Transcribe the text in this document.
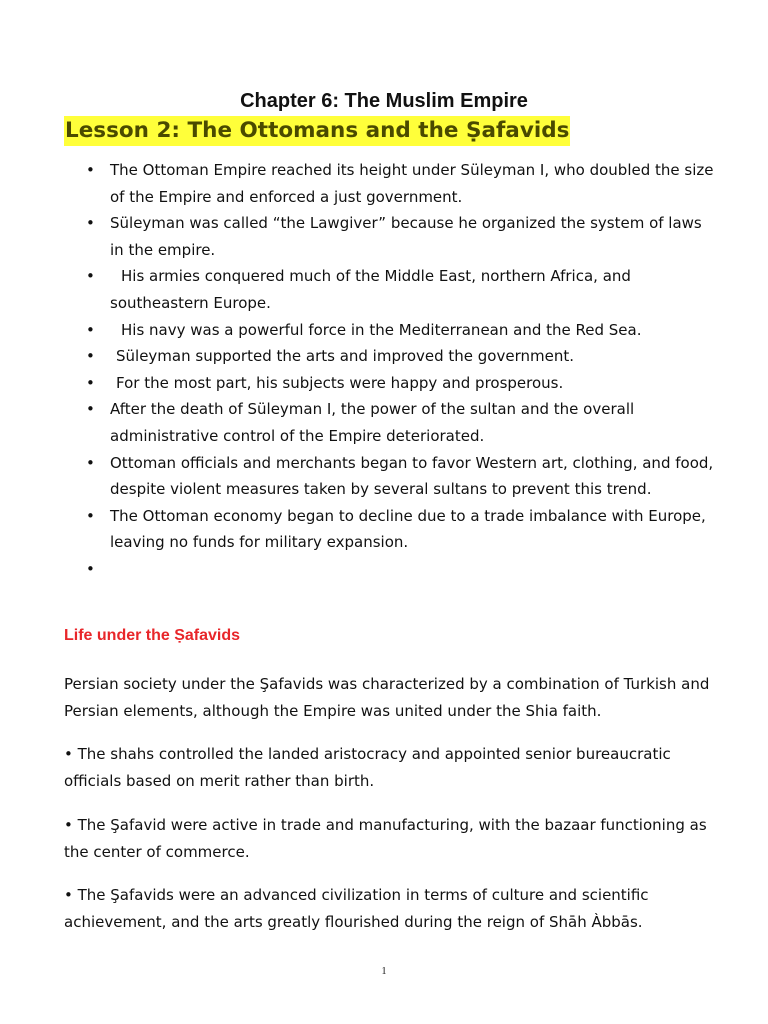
Chapter 6: The Muslim Empire
Lesson 2: The Ottomans and the Ṣafavids
• The Ottoman Empire reached its height under Süleyman I, who doubled the size of the Empire and enforced a just government.
• Süleyman was called “the Lawgiver” because he organized the system of laws in the empire.
• His armies conquered much of the Middle East, northern Africa, and southeastern Europe.
• His navy was a powerful force in the Mediterranean and the Red Sea.
• Süleyman supported the arts and improved the government.
• For the most part, his subjects were happy and prosperous.
• After the death of Süleyman I, the power of the sultan and the overall administrative control of the Empire deteriorated.
• Ottoman officials and merchants began to favor Western art, clothing, and food, despite violent measures taken by several sultans to prevent this trend.
• The Ottoman economy began to decline due to a trade imbalance with Europe, leaving no funds for military expansion.
•
Life under the Ṣafavids

Persian society under the Şafavids was characterized by a combination of Turkish and Persian elements, although the Empire was united under the Shia faith.

• The shahs controlled the landed aristocracy and appointed senior bureaucratic officials based on merit rather than birth.

• The Şafavid were active in trade and manufacturing, with the bazaar functioning as the center of commerce.

• The Şafavids were an advanced civilization in terms of culture and scientific achievement, and the arts greatly flourished during the reign of Shāh Àbbās.

1
